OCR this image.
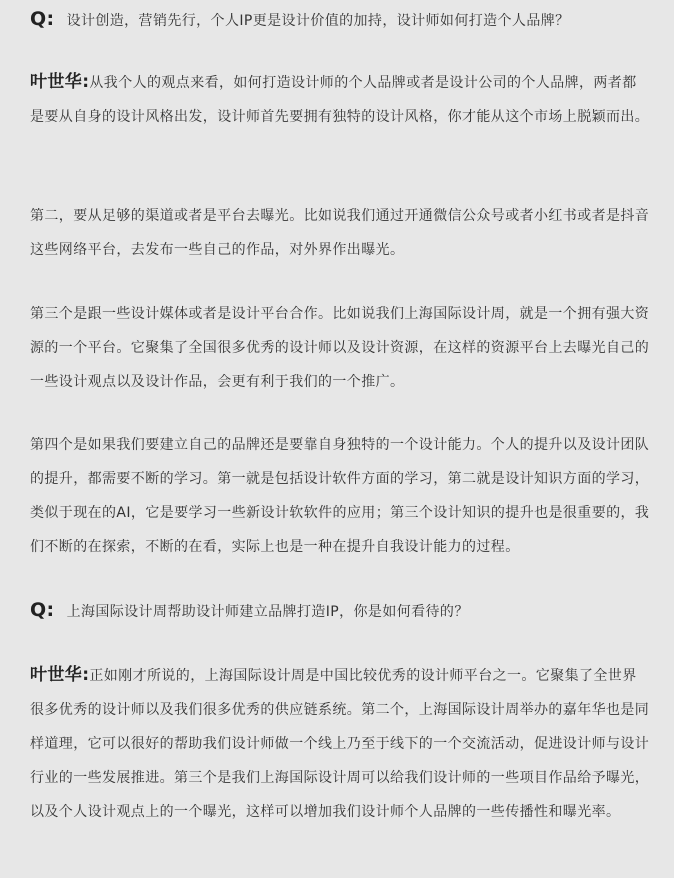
Q: 设计创造，营销先行，个人IP更是设计价值的加持，设计师如何打造个人品牌？
叶世华:从我个人的观点来看，如何打造设计师的个人品牌或者是设计公司的个人品牌，两者都是要从自身的设计风格出发，设计师首先要拥有独特的设计风格，你才能从这个市场上脱颖而出。
第二，要从足够的渠道或者是平台去曝光。比如说我们通过开通微信公众号或者小红书或者是抖音这些网络平台，去发布一些自己的作品，对外界作出曝光。
第三个是跟一些设计媒体或者是设计平台合作。比如说我们上海国际设计周，就是一个拥有强大资源的一个平台。它聚集了全国很多优秀的设计师以及设计资源，在这样的资源平台上去曝光自己的一些设计观点以及设计作品，会更有利于我们的一个推广。
第四个是如果我们要建立自己的品牌还是要靠自身独特的一个设计能力。个人的提升以及设计团队的提升，都需要不断的学习。第一就是包括设计软件方面的学习，第二就是设计知识方面的学习，类似于现在的AI，它是要学习一些新设计软软件的应用；第三个设计知识的提升也是很重要的，我们不断的在探索，不断的在看，实际上也是一种在提升自我设计能力的过程。
Q: 上海国际设计周帮助设计师建立品牌打造IP，你是如何看待的？
叶世华:正如刚才所说的，上海国际设计周是中国比较优秀的设计师平台之一。它聚集了全世界很多优秀的设计师以及我们很多优秀的供应链系统。第二个，上海国际设计周举办的嘉年华也是同样道理，它可以很好的帮助我们设计师做一个线上乃至于线下的一个交流活动，促进设计师与设计行业的一些发展推进。第三个是我们上海国际设计周可以给我们设计师的一些项目作品给予曝光，以及个人设计观点上的一个曝光，这样可以增加我们设计师个人品牌的一些传播性和曝光率。
